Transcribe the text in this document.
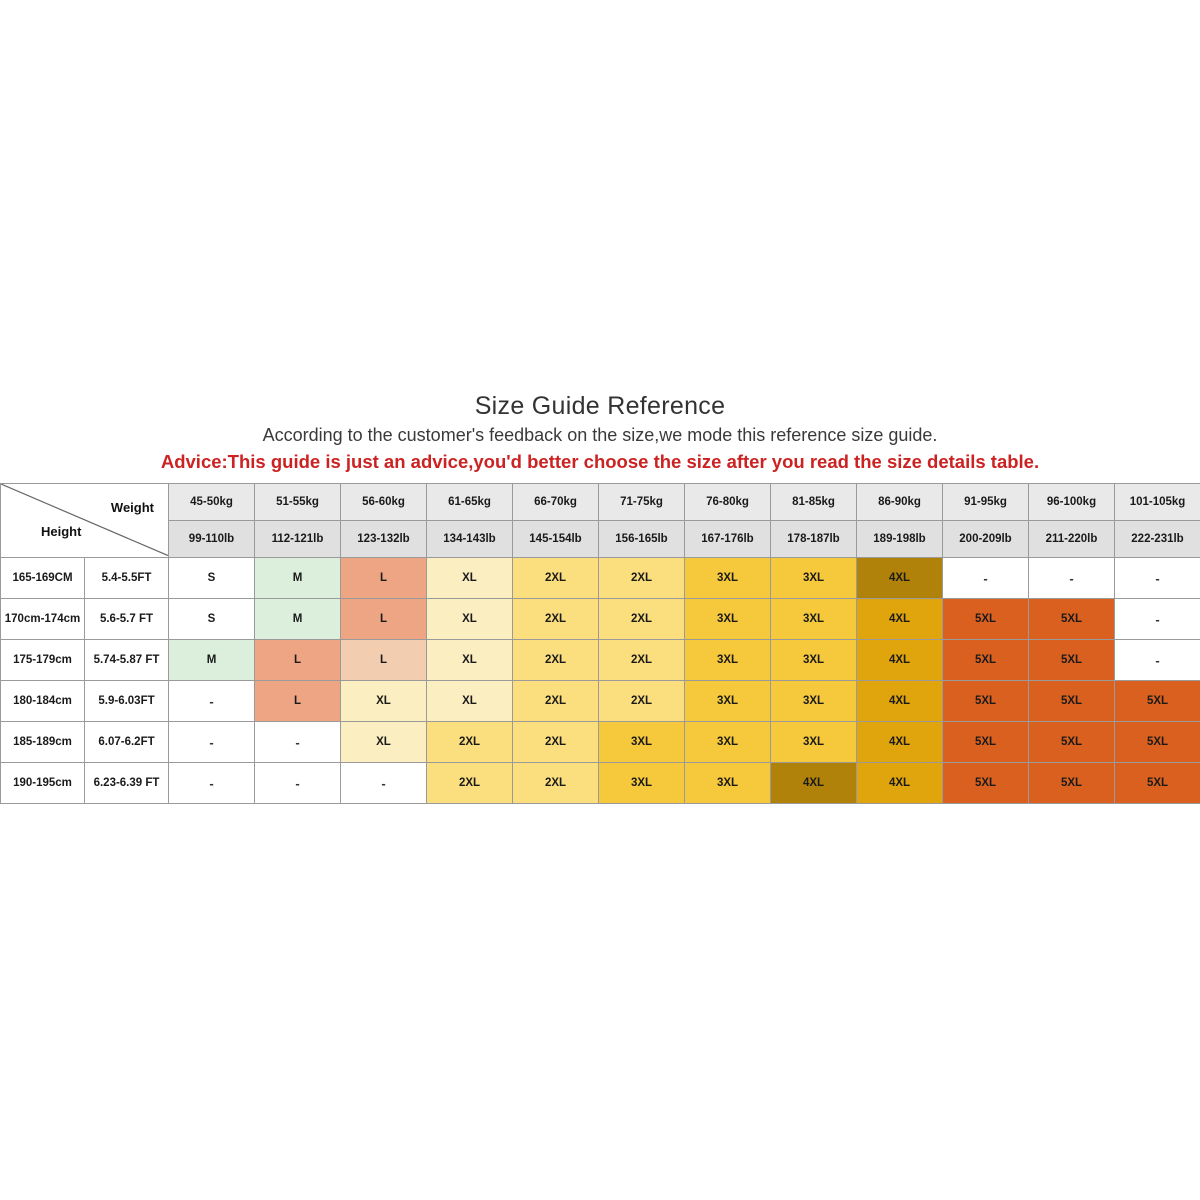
Size Guide Reference
According to the customer's feedback on the size,we mode this reference size guide.
Advice:This guide is just an advice,you'd better choose the size after you read the size details table.
Weight
Height		45-50kg	51-55kg	56-60kg	61-65kg	66-70kg	71-75kg	76-80kg	81-85kg	86-90kg	91-95kg	96-100kg	101-105kg
		99-110lb	112-121lb	123-132lb	134-143lb	145-154lb	156-165lb	167-176lb	178-187lb	189-198lb	200-209lb	211-220lb	222-231lb
165-169CM	5.4-5.5FT	S	M	L	XL	2XL	2XL	3XL	3XL	4XL	-	-	-
170cm-174cm	5.6-5.7 FT	S	M	L	XL	2XL	2XL	3XL	3XL	4XL	5XL	5XL	-
175-179cm	5.74-5.87 FT	M	L	L	XL	2XL	2XL	3XL	3XL	4XL	5XL	5XL	-
180-184cm	5.9-6.03FT	-	L	XL	XL	2XL	2XL	3XL	3XL	4XL	5XL	5XL	5XL
185-189cm	6.07-6.2FT	-	-	XL	2XL	2XL	3XL	3XL	3XL	4XL	5XL	5XL	5XL
190-195cm	6.23-6.39 FT	-	-	-	2XL	2XL	3XL	3XL	4XL	4XL	5XL	5XL	5XL
